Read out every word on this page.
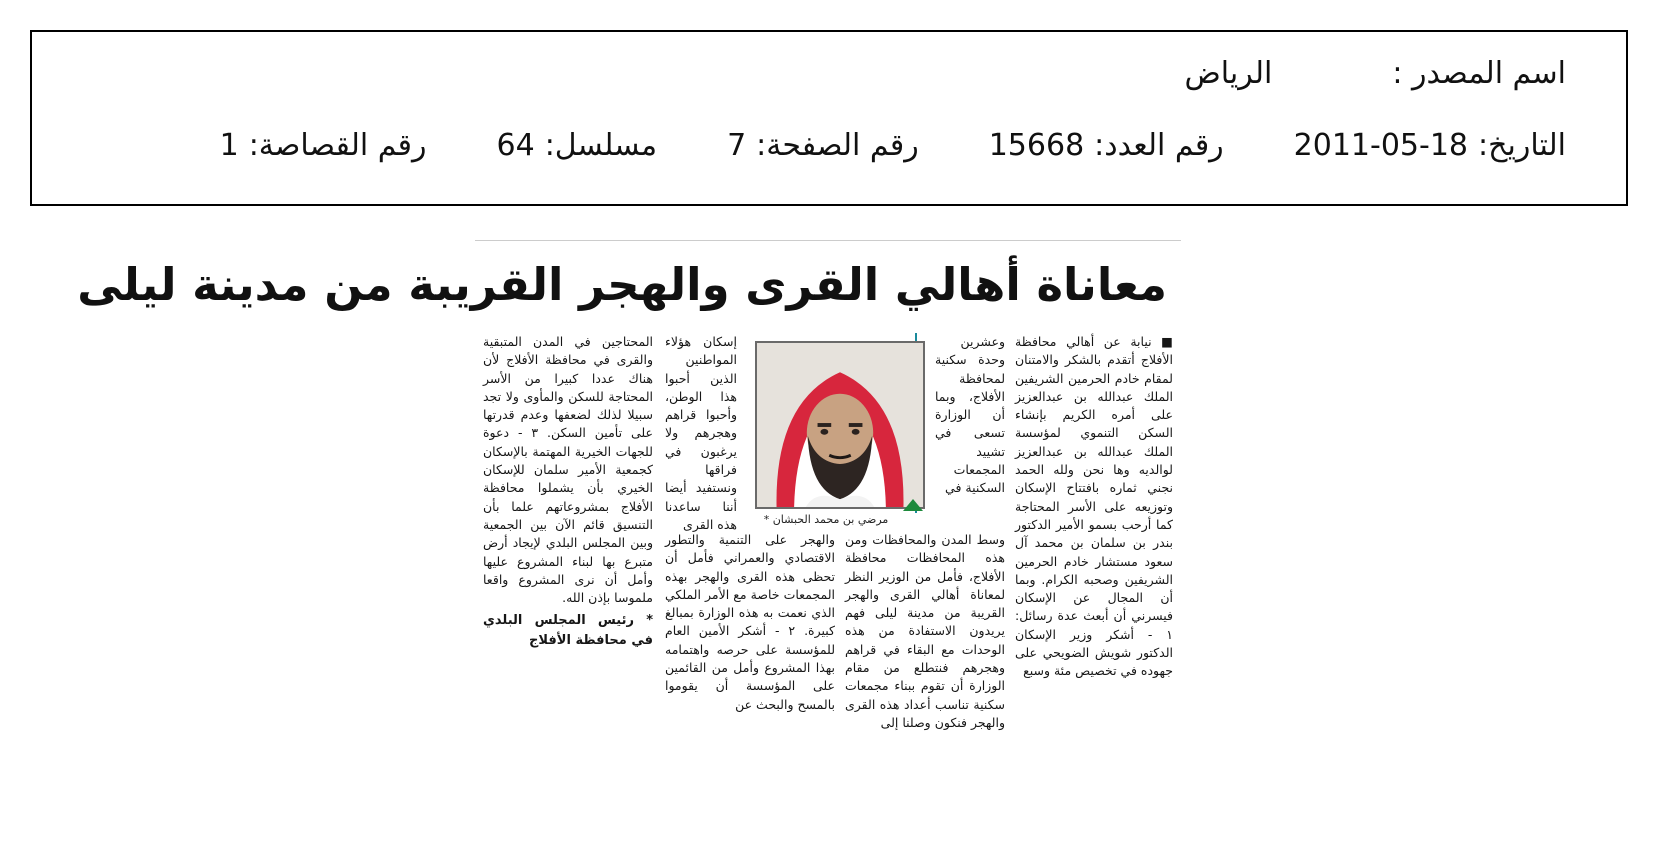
اسم المصدر :
الرياض
التاريخ:
2011-05-18
رقم العدد:
15668
رقم الصفحة:
7
مسلسل:
64
رقم القصاصة:
1
معاناة أهالي القرى والهجر القريبة من مدينة ليلى

■ نيابة عن أهالي محافظة الأفلاج أتقدم بالشكر والامتنان لمقام خادم الحرمين الشريفين الملك عبدالله بن عبدالعزيز على أمره الكريم بإنشاء السكن التنموي لمؤسسة الملك عبدالله بن عبدالعزيز لوالديه وها نحن ولله الحمد نجني ثماره بافتتاح الإسكان وتوزيعه على الأسر المحتاجة كما أرحب بسمو الأمير الدكتور بندر بن سلمان بن محمد آل سعود مستشار خادم الحرمين الشريفين وصحبه الكرام. وبما أن المجال عن الإسكان فيسرني أن أبعث عدة رسائل: ١ - أشكر وزير الإسكان الدكتور شويش الضويحي على جهوده في تخصيص مئة وسبع

وعشرين وحدة سكنية لمحافظة الأفلاج، وبما أن الوزارة تسعى في تشييد المجمعات السكنية في
وسط المدن والمحافظات ومن هذه المحافظات محافظة الأفلاج، فأمل من الوزير النظر لمعاناة أهالي القرى والهجر القريبة من مدينة ليلى فهم يريدون الاستفادة من هذه الوحدات مع البقاء في قراهم وهجرهم فنتطلع من مقام الوزارة أن تقوم ببناء مجمعات سكنية تناسب أعداد هذه القرى والهجر فنكون وصلنا إلى
إسكان هؤلاء المواطنين الذين أحبوا هذا الوطن، وأحبوا قراهم وهجرهم ولا يرغبون في فراقها ونستفيد أيضا أننا ساعدنا هذه القرى
والهجر على التنمية والتطور الاقتصادي والعمراني فأمل أن تحظى هذه القرى والهجر بهذه المجمعات خاصة مع الأمر الملكي الذي نعمت به هذه الوزارة بمبالغ كبيرة. ٢ - أشكر الأمين العام للمؤسسة على حرصه واهتمامه بهذا المشروع وأمل من القائمين على المؤسسة أن يقوموا بالمسح والبحث عن

المحتاجين في المدن المتبقية والقرى في محافظة الأفلاج لأن هناك عددا كبيرا من الأسر المحتاجة للسكن والمأوى ولا تجد سبيلا لذلك لضعفها وعدم قدرتها على تأمين السكن. ٣ - دعوة للجهات الخيرية المهتمة بالإسكان كجمعية الأمير سلمان للإسكان الخيري بأن يشملوا محافظة الأفلاج بمشروعاتهم علما بأن التنسيق قائم الآن بين الجمعية وبين المجلس البلدي لإيجاد أرض متبرع بها لبناء المشروع عليها وأمل أن نرى المشروع واقعا ملموسا بإذن الله.

* رئيس المجلس البلدي في محافظة الأفلاج
مرضي بن محمد الحبشان *
